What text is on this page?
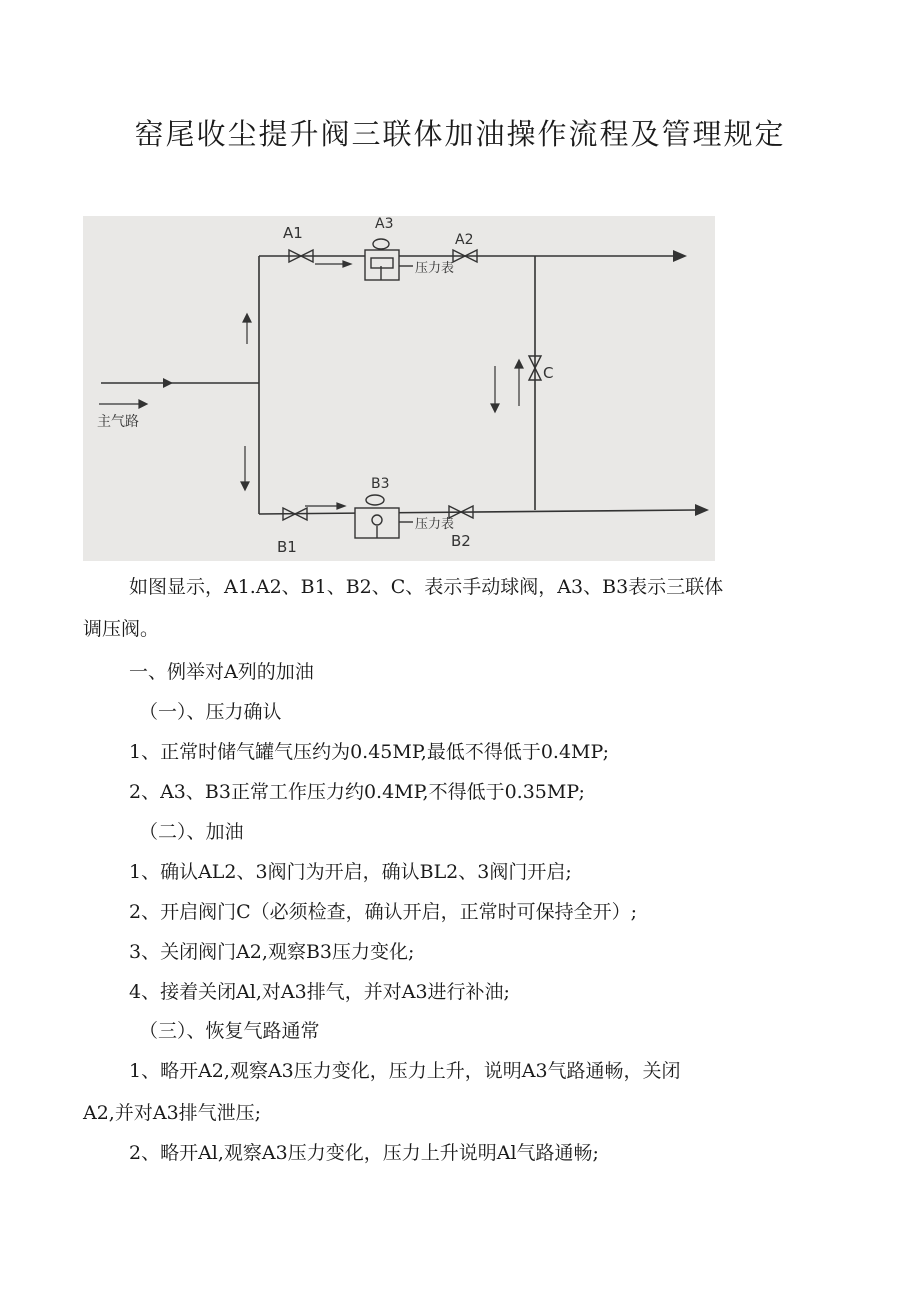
窑尾收尘提升阀三联体加油操作流程及管理规定
A1	A3
A2
压力表
B3
压力表
B1	B2
C
主气路
如图显示，A1.A2、B1、B2、C、表示手动球阀，A3、B3表示三联体
调压阀。
一、例举对A列的加油
（一）、压力确认
1、正常时储气罐气压约为0.45MP,最低不得低于0.4MP;
2、A3、B3正常工作压力约0.4MP,不得低于0.35MP;
（二）、加油
1、确认AL2、3阀门为开启，确认BL2、3阀门开启;
2、开启阀门C（必须检查，确认开启，正常时可保持全开）;
3、关闭阀门A2,观察B3压力变化;
4、接着关闭Al,对A3排气，并对A3进行补油;
（三）、恢复气路通常
1、略开A2,观察A3压力变化，压力上升，说明A3气路通畅，关闭
A2,并对A3排气泄压;
2、略开Al,观察A3压力变化，压力上升说明Al气路通畅;
